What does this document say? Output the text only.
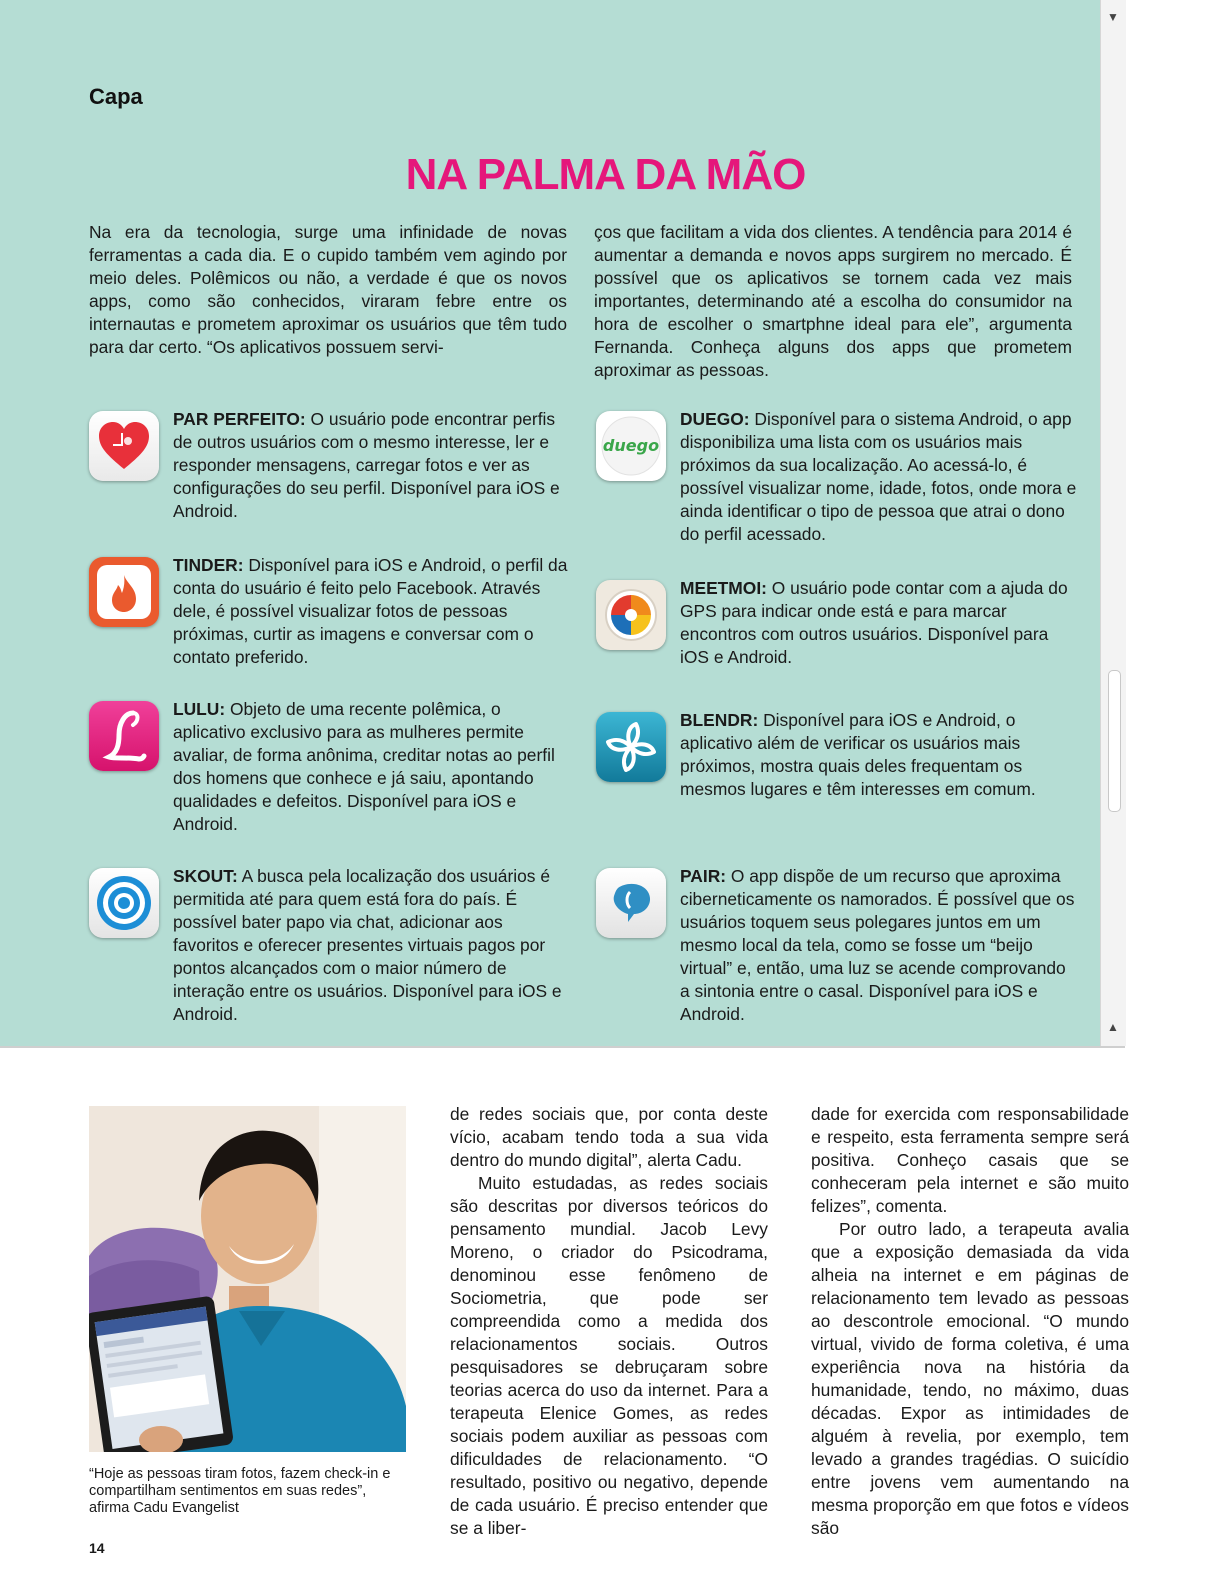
▼
▲
Capa
NA PALMA DA MÃO

Na era da tecnologia, surge uma infinidade de novas ferramentas a cada dia. E o cupido também vem agindo por meio deles. Polêmicos ou não, a verdade é que os novos apps, como são conhecidos, viraram febre entre os internautas e prometem aproximar os usuários que têm tudo para dar certo. “Os aplicativos possuem servi-

ços que facilitam a vida dos clientes. A tendência para 2014 é aumentar a demanda e novos apps surgirem no mercado. É possível que os aplicativos se tornem cada vez mais importantes, determinando até a escolha do consumidor na hora de escolher o smartphne ideal para ele”, argumenta Fernanda. Conheça alguns dos apps que prometem aproximar as pessoas.

PAR PERFEITO: O usuário pode encontrar perfis de outros usuários com o mesmo interesse, ler e responder mensagens, carregar fotos e ver as configurações do seu perfil. Disponível para iOS e Android.

TINDER: Disponível para iOS e Android, o perfil da conta do usuário é feito pelo Facebook. Através dele, é possível visualizar fotos de pessoas próximas, curtir as imagens e conversar com o contato preferido.

LULU: Objeto de uma recente polêmica, o aplicativo exclusivo para as mulheres permite avaliar, de forma anônima, creditar notas ao perfil dos homens que conhece e já saiu, apontando qualidades e defeitos. Disponível para iOS e Android.

SKOUT: A busca pela localização dos usuários é permitida até para quem está fora do país. É possível bater papo via chat, adicionar aos favoritos e oferecer presentes virtuais pagos por pontos alcançados com o maior número de interação entre os usuários. Disponível para iOS e Android.

duego

DUEGO: Disponível para o sistema Android, o app disponibiliza uma lista com os usuários mais próximos da sua localização. Ao acessá-lo, é possível visualizar nome, idade, fotos, onde mora e ainda identificar o tipo de pessoa que atrai o dono do perfil acessado.

MEETMOI: O usuário pode contar com a ajuda do GPS para indicar onde está e para marcar encontros com outros usuários. Disponível para iOS e Android.

BLENDR: Disponível para iOS e Android, o aplicativo além de verificar os usuários mais próximos, mostra quais deles frequentam os mesmos lugares e têm interesses em comum.

PAIR: O app dispõe de um recurso que aproxima ciberneticamente os namorados. É possível que os usuários toquem seus polegares juntos em um mesmo local da tela, como se fosse um “beijo virtual” e, então, uma luz se acende comprovando a sintonia entre o casal. Disponível para iOS e Android.

“Hoje as pessoas tiram fotos, fazem check-in e compartilham sentimentos em suas redes”, afirma Cadu Evangelist

de redes sociais que, por conta deste vício, acabam tendo toda a sua vida dentro do mundo digital”, alerta Cadu.
Muito estudadas, as redes sociais são descritas por diversos teóricos do pensamento mundial. Jacob Levy Moreno, o criador do Psicodrama, denominou esse fenômeno de Sociometria, que pode ser compreendida como a medida dos relacionamentos sociais. Outros pesquisadores se debruçaram sobre teorias acerca do uso da internet. Para a terapeuta Elenice Gomes, as redes sociais podem auxiliar as pessoas com dificuldades de relacionamento. “O resultado, positivo ou negativo, depende de cada usuário. É preciso entender que se a liber-

dade for exercida com responsabilidade e respeito, esta ferramenta sempre será positiva. Conheço casais que se conheceram pela internet e são muito felizes”, comenta.
Por outro lado, a terapeuta avalia que a exposição demasiada da vida alheia na internet e em páginas de relacionamento tem levado as pessoas ao descontrole emocional. “O mundo virtual, vivido de forma coletiva, é uma experiência nova na história da humanidade, tendo, no máximo, duas décadas. Expor as intimidades de alguém à revelia, por exemplo, tem levado a grandes tragédias. O suicídio entre jovens vem aumentando na mesma proporção em que fotos e vídeos são

14
